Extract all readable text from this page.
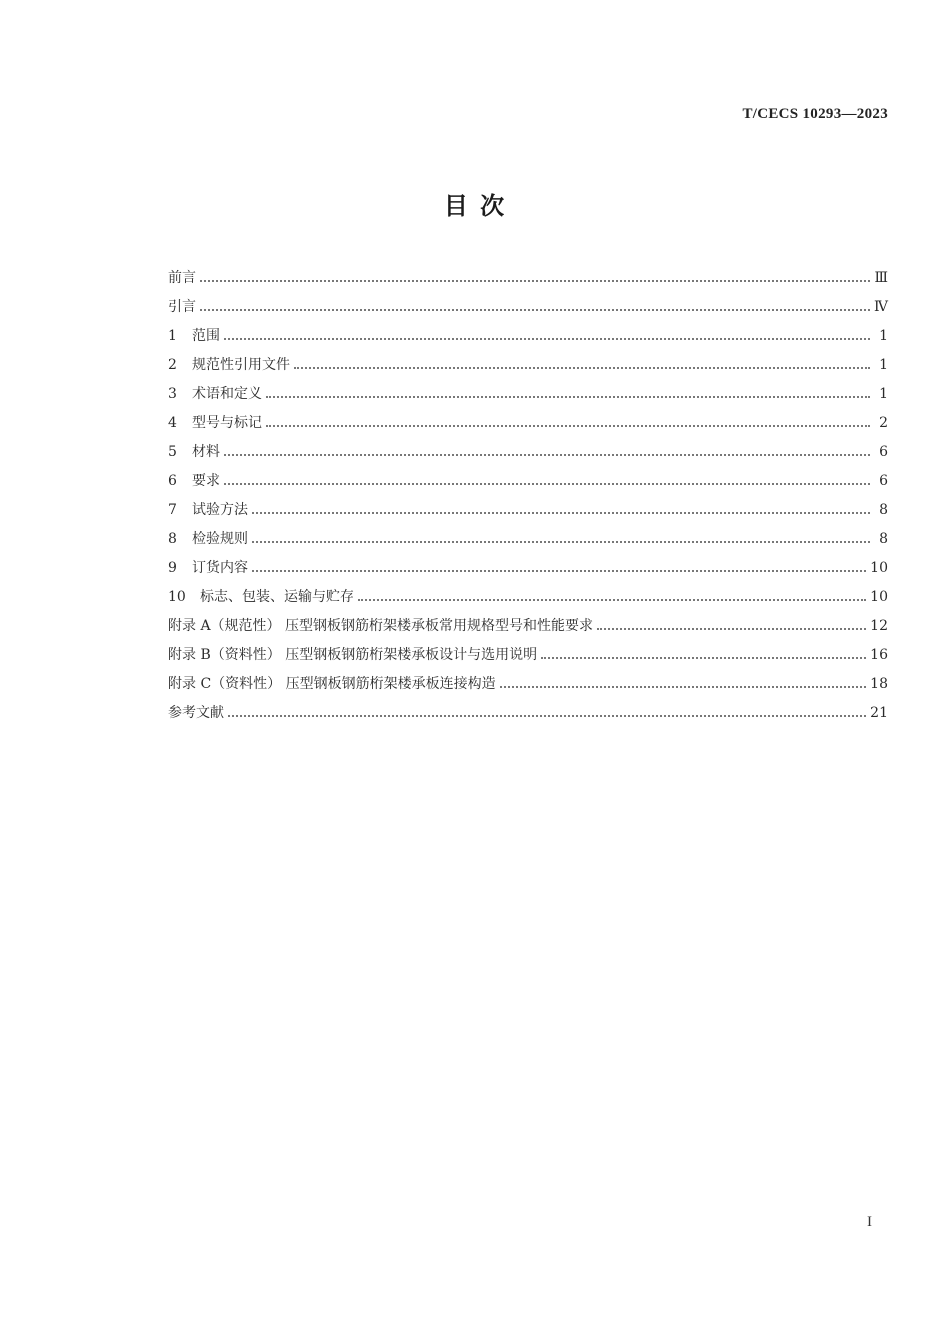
T/CECS 10293—2023
目 次
前言	Ⅲ
引言	Ⅳ
1 范围	1
2 规范性引用文件	1
3 术语和定义	1
4 型号与标记	2
5 材料	6
6 要求	6
7 试验方法	8
8 检验规则	8
9 订货内容	10
10 标志、包装、运输与贮存	10
附录 A（规范性） 压型钢板钢筋桁架楼承板常用规格型号和性能要求	12
附录 B（资料性） 压型钢板钢筋桁架楼承板设计与选用说明	16
附录 C（资料性） 压型钢板钢筋桁架楼承板连接构造	18
参考文献	21
I
